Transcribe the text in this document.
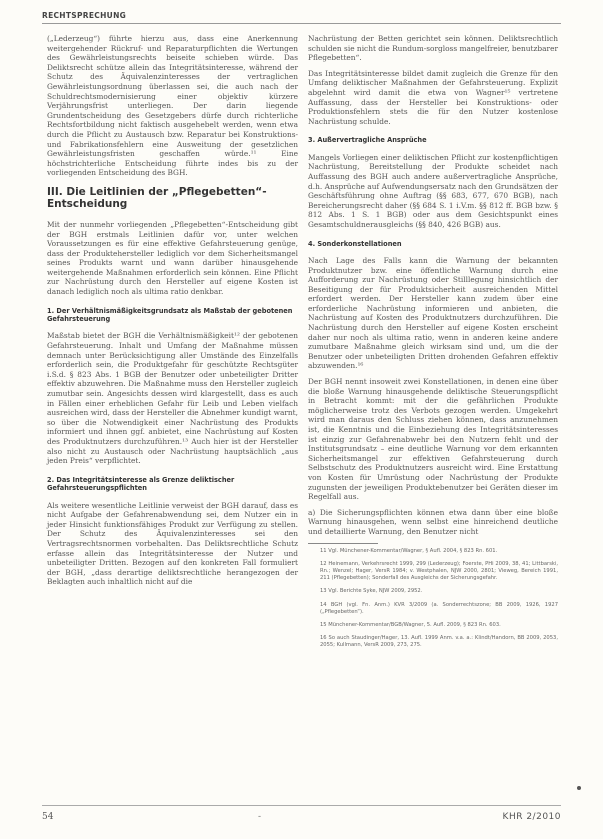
RECHTSPRECHUNG

(„Lederzeug“) führte hierzu aus, dass eine Anerkennung weitergehender Rückruf- und Reparaturpflichten die Wertungen des Gewährleistungsrechts beiseite schieben würde. Das Deliktsrecht schütze allein das Integritätsinteresse, während der Schutz des Äquivalenzinteresses der vertraglichen Gewährleistungsordnung überlassen sei, die auch nach der Schuldrechtsmodernisierung einer objektiv kürzere Verjährungsfrist unterliegen. Der darin liegende Grundentscheidung des Gesetzgebers dürfe durch richterliche Rechtsfortbildung nicht faktisch ausgehebelt werden, wenn etwa durch die Pflicht zu Austausch bzw. Reparatur bei Konstruktions- und Fabrikationsfehlern eine Ausweitung der gesetzlichen Gewährleistungsfristen geschaffen würde.¹¹ Eine höchstrichterliche Entscheidung führte indes bis zu der vorliegenden Entscheidung des BGH.

III. Die Leitlinien der „Pflegebetten“-Entscheidung

Mit der nunmehr vorliegenden „Pflegebetten“-Entscheidung gibt der BGH erstmals Leitlinien dafür vor, unter welchen Voraussetzungen es für eine effektive Gefahrsteuerung genüge, dass der Produktehersteller lediglich vor dem Sicherheitsmangel seines Produkts warnt und wann darüber hinausgehende weitergehende Maßnahmen erforderlich sein können. Eine Pflicht zur Nachrüstung durch den Hersteller auf eigene Kosten ist danach lediglich noch als ultima ratio denkbar.

1. Der Verhältnismäßigkeitsgrundsatz als Maßstab der gebotenen Gefahrsteuerung

Maßstab bietet der BGH die Verhältnismäßigkeit¹² der gebotenen Gefahrsteuerung. Inhalt und Umfang der Maßnahme müssen demnach unter Berücksichtigung aller Umstände des Einzelfalls erforderlich sein, die Produktgefahr für geschützte Rechtsgüter i.S.d. § 823 Abs. 1 BGB der Benutzer oder unbeteiligter Dritter effektiv abzuwehren. Die Maßnahme muss den Hersteller zugleich zumutbar sein. Angesichts dessen wird klargestellt, dass es auch in Fällen einer erheblichen Gefahr für Leib und Leben vielfach ausreichen wird, dass der Hersteller die Abnehmer kundigt warnt, so über die Notwendigkeit einer Nachrüstung des Produkts informiert und ihnen ggf. anbietet, eine Nachrüstung auf Kosten des Produktnutzers durchzuführen.¹³ Auch hier ist der Hersteller also nicht zu Austausch oder Nachrüstung hauptsächlich „aus jeden Preis“ verpflichtet.

2. Das Integritätsinteresse als Grenze deliktischer Gefahrsteuerungspflichten

Als weitere wesentliche Leitlinie verweist der BGH darauf, dass es nicht Aufgabe der Gefahrenabwendung sei, dem Nutzer ein in jeder Hinsicht funktionsfähiges Produkt zur Verfügung zu stellen. Der Schutz des Äquivalenzinteresses sei den Vertragsrechtsnormen vorbehalten. Das Deliktsrechtliche Schutz erfasse allein das Integritätsinteresse der Nutzer und unbeteiligter Dritten. Bezogen auf den konkreten Fall formuliert der BGH, „dass derartige deliktsrechtliche herangezogen der Beklagten auch inhaltlich nicht auf die

Nachrüstung der Betten gerichtet sein können. Deliktsrechtlich schulden sie nicht die Rundum-sorgloss mangelfreier, benutzbarer Pflegebetten“.

Das Integritätsinteresse bildet damit zugleich die Grenze für den Umfang deliktischer Maßnahmen der Gefahrsteuerung. Explizit abgelehnt wird damit die etwa von Wagner¹⁵ vertretene Auffassung, dass der Hersteller bei Konstruktions- oder Produktionsfehlern stets die für den Nutzer kostenlose Nachrüstung schulde.

3. Außervertragliche Ansprüche

Mangels Vorliegen einer deliktischen Pflicht zur kostenpflichtigen Nachrüstung, Bereitstellung der Produkte scheidet nach Auffassung des BGH auch andere außervertragliche Ansprüche, d.h. Ansprüche auf Aufwendungsersatz nach den Grundsätzen der Geschäftsführung ohne Auftrag (§§ 683, 677, 670 BGB), nach Bereicherungsrecht daher (§§ 684 S. 1 i.V.m. §§ 812 ff. BGB bzw. § 812 Abs. 1 S. 1 BGB) oder aus dem Gesichtspunkt eines Gesamtschuldnerausgleichs (§§ 840, 426 BGB) aus.

4. Sonderkonstellationen

Nach Lage des Falls kann die Warnung der bekannten Produktnutzer bzw. eine öffentliche Warnung durch eine Aufforderung zur Nachrüstung oder Stilllegung hinsichtlich der Beseitigung der für Produktsicherheit ausreichenden Mittel erfordert werden. Der Hersteller kann zudem über eine erforderliche Nachrüstung informieren und anbieten, die Nachrüstung auf Kosten des Produktnutzers durchzuführen. Die Nachrüstung durch den Hersteller auf eigene Kosten erscheint daher nur noch als ultima ratio, wenn in anderen keine andere zumutbare Maßnahme gleich wirksam sind und, um die der Benutzer oder unbeteiligten Dritten drohenden Gefahren effektiv abzuwenden.¹⁶

Der BGH nennt insoweit zwei Konstellationen, in denen eine über die bloße Warnung hinausgehende deliktische Steuerungspflicht in Betracht kommt: mit der die gefährlichen Produkte möglicherweise trotz des Verbots gezogen werden. Umgekehrt wird man daraus den Schluss ziehen können, dass anzunehmen ist, die Kenntnis und die Einbeziehung des Integritätsinteresses ist einzig zur Gefahrenabwehr bei den Nutzern fehlt und der Institutsgrundsatz – eine deutliche Warnung vor dem erkannten Sicherheitsmangel zur effektiven Gefahrsteuerung durch Selbstschutz des Produktnutzers ausreicht wird. Eine Erstattung von Kosten für Umrüstung oder Nachrüstung der Produkte zugunsten der jeweiligen Produktebenutzer bei Geräten dieser im Regelfall aus.

a) Die Sicherungspflichten können etwa dann über eine bloße Warnung hinausgehen, wenn selbst eine hinreichend deutliche und detaillierte Warnung, den Benutzer nicht

11 Vgl. Münchener-Kommentar/Wagner, § Aufl. 2004, § 823 Rn. 601.

12 Heinemann, Verkehrsrecht 1999, 299 (Lederzeug); Foerste, PHi 2009, 38, 41; Littbarski, Rn.; Wenzel; Hager, VersR 1984; v. Westphalen, NJW 2000, 2801; Vieweg, Bereich 1991, 211 (Pflegebetten); Sonderfall des Ausgleichs der Sicherungsgefahr.

13 Vgl. Berichte Syke, NJW 2009, 2952.

14 BGH (vgl. Fn. Anm.) KVR 3/2009 (a. Sonderrechtszone; BB 2009, 1926, 1927 („Pflegebetten“).

15 Münchener-Kommentar/BGB/Wagner, 5. Aufl. 2009, § 823 Rn. 603.

16 So auch Staudinger/Hager, 13. Aufl. 1999 Anm. v.a. a.: Klindt/Handorn, BB 2009, 2053, 2055; Kullmann, VersR 2009, 273, 275.

54	-	KHR 2/2010
